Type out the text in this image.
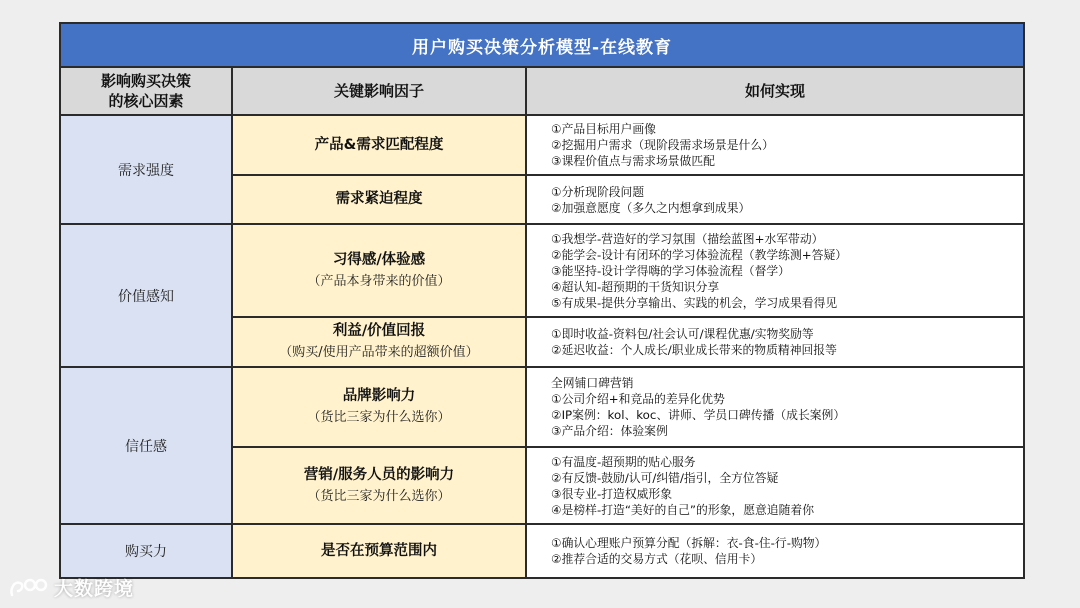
用户购买决策分析模型-在线教育		

影响购买决策
的核心因素	关键影响因子	如何实现
需求强度	产品&需求匹配程度	①产品目标用户画像
②挖掘用户需求（现阶段需求场景是什么）
③课程价值点与需求场景做匹配

	需求紧迫程度	①分析现阶段问题
②加强意愿度（多久之内想拿到成果）

价值感知	习得感/体验感
（产品本身带来的价值）	①我想学-营造好的学习氛围（描绘蓝图+水军带动）
②能学会-设计有闭环的学习体验流程（教学练测+答疑）
③能坚持-设计学得嗨的学习体验流程（督学）
④超认知-超预期的干货知识分享
⑤有成果-提供分享输出、实践的机会，学习成果看得见

	利益/价值回报
（购买/使用产品带来的超额价值）	①即时收益-资料包/社会认可/课程优惠/实物奖励等
②延迟收益：个人成长/职业成长带来的物质精神回报等

信任感	品牌影响力
（货比三家为什么选你）	全网铺口碑营销
①公司介绍+和竞品的差异化优势
②IP案例：kol、koc、讲师、学员口碑传播（成长案例）
③产品介绍：体验案例

	营销/服务人员的影响力
（货比三家为什么选你）	①有温度-超预期的贴心服务
②有反馈-鼓励/认可/纠错/指引，全方位答疑
③很专业-打造权威形象
④是榜样-打造“美好的自己”的形象，愿意追随着你

购买力	是否在预算范围内	①确认心理账户预算分配（拆解：衣-食-住-行-购物）
②推荐合适的交易方式（花呗、信用卡）
大数跨境
